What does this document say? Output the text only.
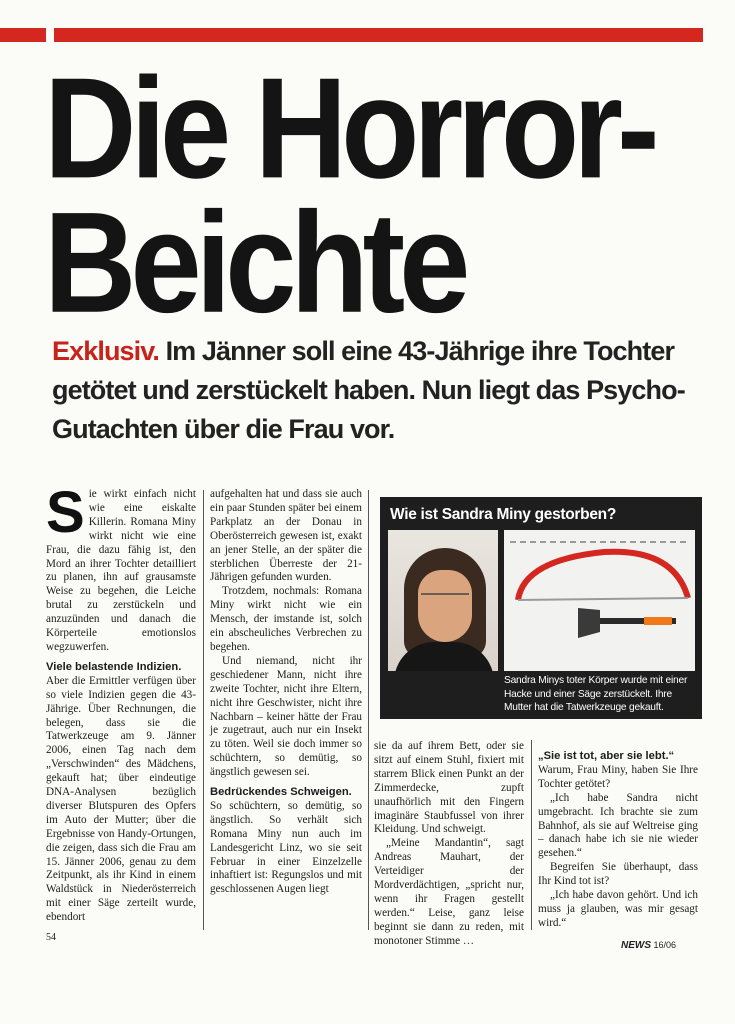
Die Horror-
Beichte
Exklusiv. Im Jänner soll eine 43-Jährige ihre Tochter getötet und zerstückelt haben. Nun liegt das Psycho-Gutachten über die Frau vor.

Sie wirkt einfach nicht wie eine eiskalte Killerin. Romana Miny wirkt nicht wie eine Frau, die dazu fähig ist, den Mord an ihrer Tochter detailliert zu planen, ihn auf grausamste Weise zu begehen, die Leiche brutal zu zerstückeln und anzuzünden und danach die Körperteile emotionslos wegzuwerfen.

Viele belastende Indizien.

Aber die Ermittler verfügen über so viele Indizien gegen die 43-Jährige. Über Rechnungen, die belegen, dass sie die Tatwerkzeuge am 9. Jänner 2006, einen Tag nach dem „Verschwinden“ des Mädchens, gekauft hat; über eindeutige DNA-Analysen bezüglich diverser Blutspuren des Opfers im Auto der Mutter; über die Ergebnisse von Handy-Ortungen, die zeigen, dass sich die Frau am 15. Jänner 2006, genau zu dem Zeitpunkt, als ihr Kind in einem Waldstück in Niederösterreich mit einer Säge zerteilt wurde, ebendort

aufgehalten hat und dass sie auch ein paar Stunden später bei einem Parkplatz an der Donau in Oberösterreich gewesen ist, exakt an jener Stelle, an der später die sterblichen Überreste der 21-Jährigen gefunden wurden.

Trotzdem, nochmals: Romana Miny wirkt nicht wie ein Mensch, der imstande ist, solch ein abscheuliches Verbrechen zu begehen.

Und niemand, nicht ihr geschiedener Mann, nicht ihre zweite Tochter, nicht ihre Eltern, nicht ihre Geschwister, nicht ihre Nachbarn – keiner hätte der Frau je zugetraut, auch nur ein Insekt zu töten. Weil sie doch immer so schüchtern, so demütig, so ängstlich gewesen sei.

Bedrückendes Schweigen.

So schüchtern, so demütig, so ängstlich. So verhält sich Romana Miny nun auch im Landesgericht Linz, wo sie seit Februar in einer Einzelzelle inhaftiert ist: Regungslos und mit geschlossenen Augen liegt

Wie ist Sandra Miny gestorben?
Sandra Minys toter Körper wurde mit einer Hacke und einer Säge zerstückelt. Ihre Mutter hat die Tatwerkzeuge gekauft.

sie da auf ihrem Bett, oder sie sitzt auf einem Stuhl, fixiert mit starrem Blick einen Punkt an der Zimmerdecke, zupft unaufhörlich mit den Fingern imaginäre Staubfussel von ihrer Kleidung. Und schweigt.

„Meine Mandantin“, sagt Andreas Mauhart, der Verteidiger der Mordverdächtigen, „spricht nur, wenn ihr Fragen gestellt werden.“ Leise, ganz leise beginnt sie dann zu reden, mit monotoner Stimme …

„Sie ist tot, aber sie lebt.“

Warum, Frau Miny, haben Sie Ihre Tochter getötet?

„Ich habe Sandra nicht umgebracht. Ich brachte sie zum Bahnhof, als sie auf Weltreise ging – danach habe ich sie nie wieder gesehen.“

Begreifen Sie überhaupt, dass Ihr Kind tot ist?

„Ich habe davon gehört. Und ich muss ja glauben, was mir gesagt wird.“

54
NEWS 16/06
